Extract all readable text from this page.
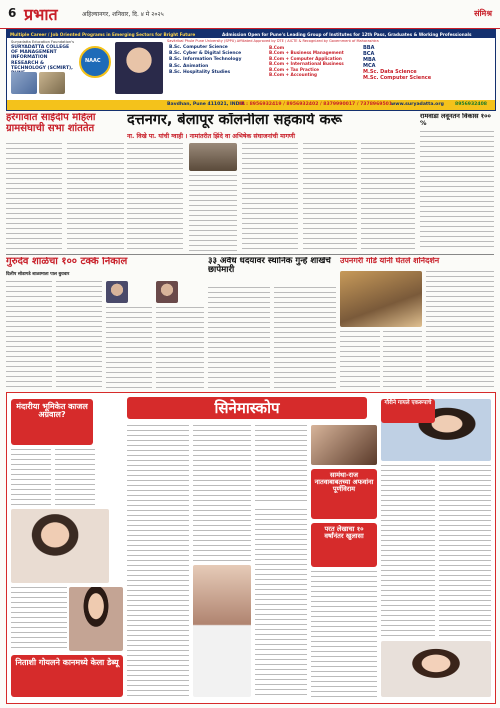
6 प्रभात	अहिल्यानगर, शनिवार, दि. ४ मे २०२५	संमिश्र
Multiple Career / Job Oriented Programs in Emerging Sectors for Bright Future	Admission Open for Pune's Leading Group of Institutes for 12th Pass, Graduates & Working Professionals
Savitribai Phule Pune University (SPPU) Affiliated Approved by DTE / AICTE & Recognized by Government of Maharashtra
Suryadatta Education Foundation's
SURYADATTA COLLEGE OF MANAGEMENT INFORMATION RESEARCH & TECHNOLOGY (SCMIRT),
NAAC
B.Sc. Computer Science
B.Sc. Cyber & Digital Science
B.Sc. Information Technology
B.Sc. Animation
B.Sc. Hospitality Studies
B.Com
B.Com + Business Management
B.Com + Computer Application
B.Com + International Business
B.Com + Tax Practice
B.Com + Accounting
BBA
BCA
MBA
MCA
M.Sc. Data Science
M.Sc. Computer Science
Bavdhan, Pune 411021, INDIA
IN : 8956932419 / 8956932402 / 8379990017 / 7378969501
www.suryadatta.org 8956932408
हरेगावात साईदीप महिला ग्रामसंघाची सभा शांततेत	दत्तनगर, बेलापूर कॉलनीला सहकार्य करू
ना. विखे पा. यांची ग्वाही । नामांतरीत झिंदे वा अभिषेक संघाजनांची मागणी
रामवाडा लवूनतन विकास १०० %
गुरुदेव शाळेचा १०० टक्के निकाल
दिलीप सोडागडे शाळामाता पाल बुधवार
३३ अवैध धंदयांवर स्थानिक गुन्हे शाखेचे छापेमारी
उपनगरी गोंडे यांनी घेतले शनिदर्शन
सिनेमास्कोप
मंदारीया भूमिकेत काजल अग्रवाल?
निताशी गोयलने कानमध्ये केला डेब्यू
सामंथा-राज नातवाबाबतच्या अफवांना पूर्णविराम
परत लेखाचा १० वर्षांनंतर खुलासा
गौरीने गायले एकरूपाचे
